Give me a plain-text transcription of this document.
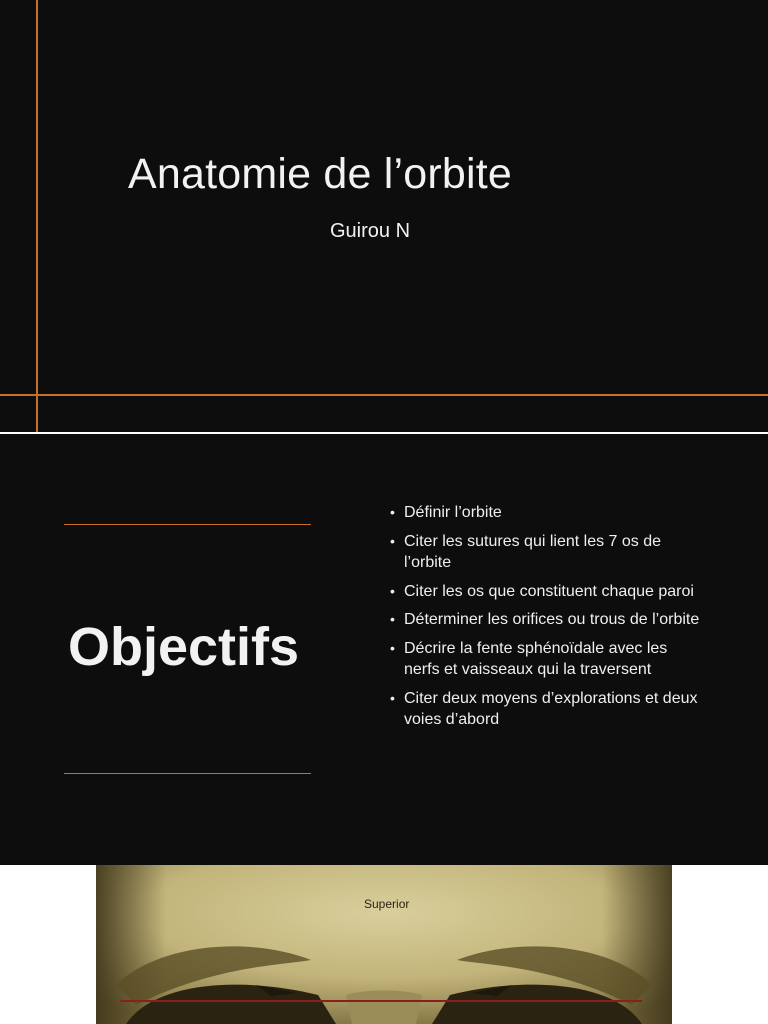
Anatomie de l’orbite
Guirou N
Objectifs
• Définir l’orbite
• Citer les sutures qui lient les 7 os de l’orbite
• Citer les os que constituent chaque paroi
• Déterminer les orifices ou trous de l’orbite
• Décrire la fente sphénoïdale avec les nerfs et vaisseaux qui la traversent
• Citer deux moyens d’explorations et deux voies d’abord
Superior
